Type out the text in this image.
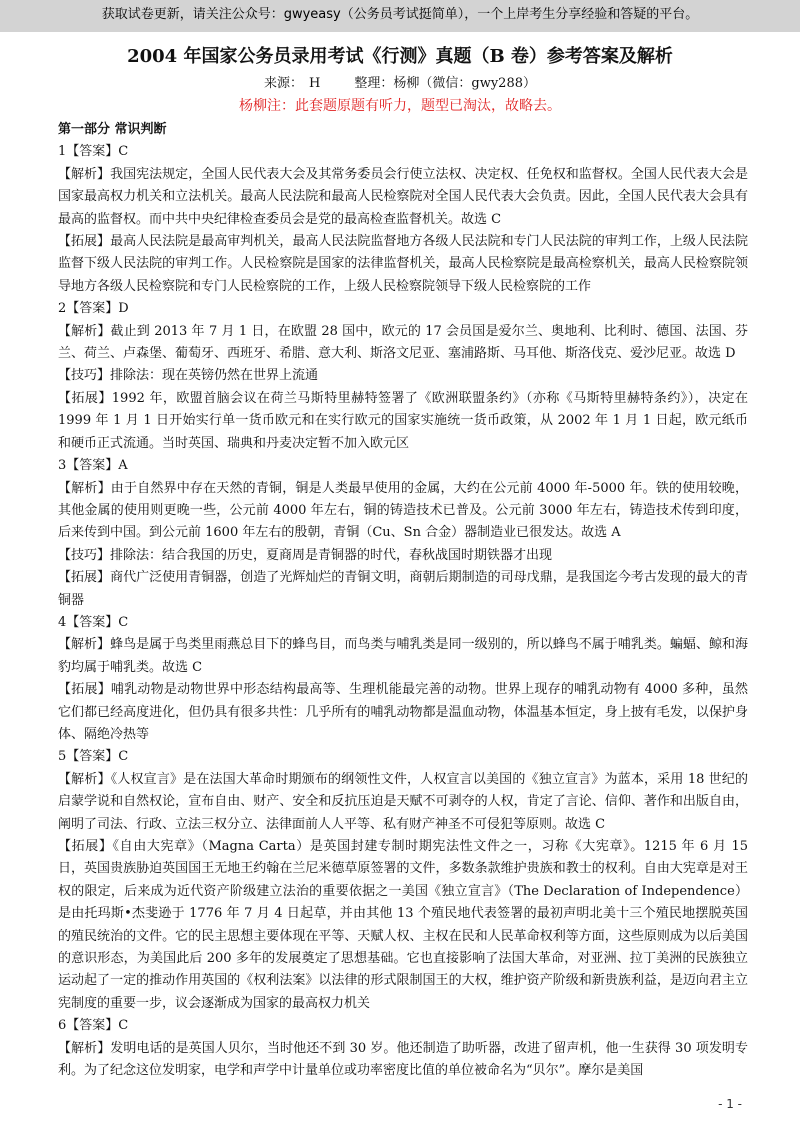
获取试卷更新，请关注公众号：gwyeasy（公务员考试挺简单），一个上岸考生分享经验和答疑的平台。
2004 年国家公务员录用考试《行测》真题（B 卷）参考答案及解析
来源： H	整理：杨柳（微信：gwy288）
杨柳注：此套题原题有听力，题型已淘汰，故略去。

第一部分 常识判断

1【答案】C

【解析】我国宪法规定，全国人民代表大会及其常务委员会行使立法权、决定权、任免权和监督权。全国人民代表大会是国家最高权力机关和立法机关。最高人民法院和最高人民检察院对全国人民代表大会负责。因此，全国人民代表大会具有最高的监督权。而中共中央纪律检查委员会是党的最高检查监督机关。故选 C

【拓展】最高人民法院是最高审判机关，最高人民法院监督地方各级人民法院和专门人民法院的审判工作，上级人民法院监督下级人民法院的审判工作。人民检察院是国家的法律监督机关，最高人民检察院是最高检察机关，最高人民检察院领导地方各级人民检察院和专门人民检察院的工作，上级人民检察院领导下级人民检察院的工作

2【答案】D

【解析】截止到 2013 年 7 月 1 日，在欧盟 28 国中，欧元的 17 会员国是爱尔兰、奥地利、比利时、德国、法国、芬兰、荷兰、卢森堡、葡萄牙、西班牙、希腊、意大利、斯洛文尼亚、塞浦路斯、马耳他、斯洛伐克、爱沙尼亚。故选 D

【技巧】排除法：现在英镑仍然在世界上流通

【拓展】1992 年，欧盟首脑会议在荷兰马斯特里赫特签署了《欧洲联盟条约》（亦称《马斯特里赫特条约》），决定在 1999 年 1 月 1 日开始实行单一货币欧元和在实行欧元的国家实施统一货币政策，从 2002 年 1 月 1 日起，欧元纸币和硬币正式流通。当时英国、瑞典和丹麦决定暂不加入欧元区

3【答案】A

【解析】由于自然界中存在天然的青铜，铜是人类最早使用的金属，大约在公元前 4000 年-5000 年。铁的使用较晚，其他金属的使用则更晚一些，公元前 4000 年左右，铜的铸造技术已普及。公元前 3000 年左右，铸造技术传到印度，后来传到中国。到公元前 1600 年左右的殷朝，青铜（Cu、Sn 合金）器制造业已很发达。故选 A

【技巧】排除法：结合我国的历史，夏商周是青铜器的时代，春秋战国时期铁器才出现

【拓展】商代广泛使用青铜器，创造了光辉灿烂的青铜文明，商朝后期制造的司母戊鼎，是我国迄今考古发现的最大的青铜器

4【答案】C

【解析】蜂鸟是属于鸟类里雨燕总目下的蜂鸟目，而鸟类与哺乳类是同一级别的，所以蜂鸟不属于哺乳类。蝙蝠、鲸和海豹均属于哺乳类。故选 C

【拓展】哺乳动物是动物世界中形态结构最高等、生理机能最完善的动物。世界上现存的哺乳动物有 4000 多种，虽然它们都已经高度进化，但仍具有很多共性：几乎所有的哺乳动物都是温血动物，体温基本恒定，身上披有毛发，以保护身体、隔绝冷热等

5【答案】C

【解析】《人权宣言》是在法国大革命时期颁布的纲领性文件，人权宣言以美国的《独立宣言》为蓝本，采用 18 世纪的启蒙学说和自然权论，宣布自由、财产、安全和反抗压迫是天赋不可剥夺的人权，肯定了言论、信仰、著作和出版自由，阐明了司法、行政、立法三权分立、法律面前人人平等、私有财产神圣不可侵犯等原则。故选 C

【拓展】《自由大宪章》（Magna Carta）是英国封建专制时期宪法性文件之一，习称《大宪章》。1215 年 6 月 15 日，英国贵族胁迫英国国王无地王约翰在兰尼米德草原签署的文件，多数条款维护贵族和教士的权利。自由大宪章是对王权的限定，后来成为近代资产阶级建立法治的重要依据之一美国《独立宣言》（The Declaration of Independence）是由托玛斯•杰斐逊于 1776 年 7 月 4 日起草，并由其他 13 个殖民地代表签署的最初声明北美十三个殖民地摆脱英国的殖民统治的文件。它的民主思想主要体现在平等、天赋人权、主权在民和人民革命权利等方面，这些原则成为以后美国的意识形态，为美国此后 200 多年的发展奠定了思想基础。它也直接影响了法国大革命，对亚洲、拉丁美洲的民族独立运动起了一定的推动作用英国的《权利法案》以法律的形式限制国王的大权，维护资产阶级和新贵族利益，是迈向君主立宪制度的重要一步，议会逐渐成为国家的最高权力机关

6【答案】C

【解析】发明电话的是英国人贝尔，当时他还不到 30 岁。他还制造了助听器，改进了留声机，他一生获得 30 项发明专利。为了纪念这位发明家，电学和声学中计量单位或功率密度比值的单位被命名为“贝尔”。摩尔是美国

- 1 -
